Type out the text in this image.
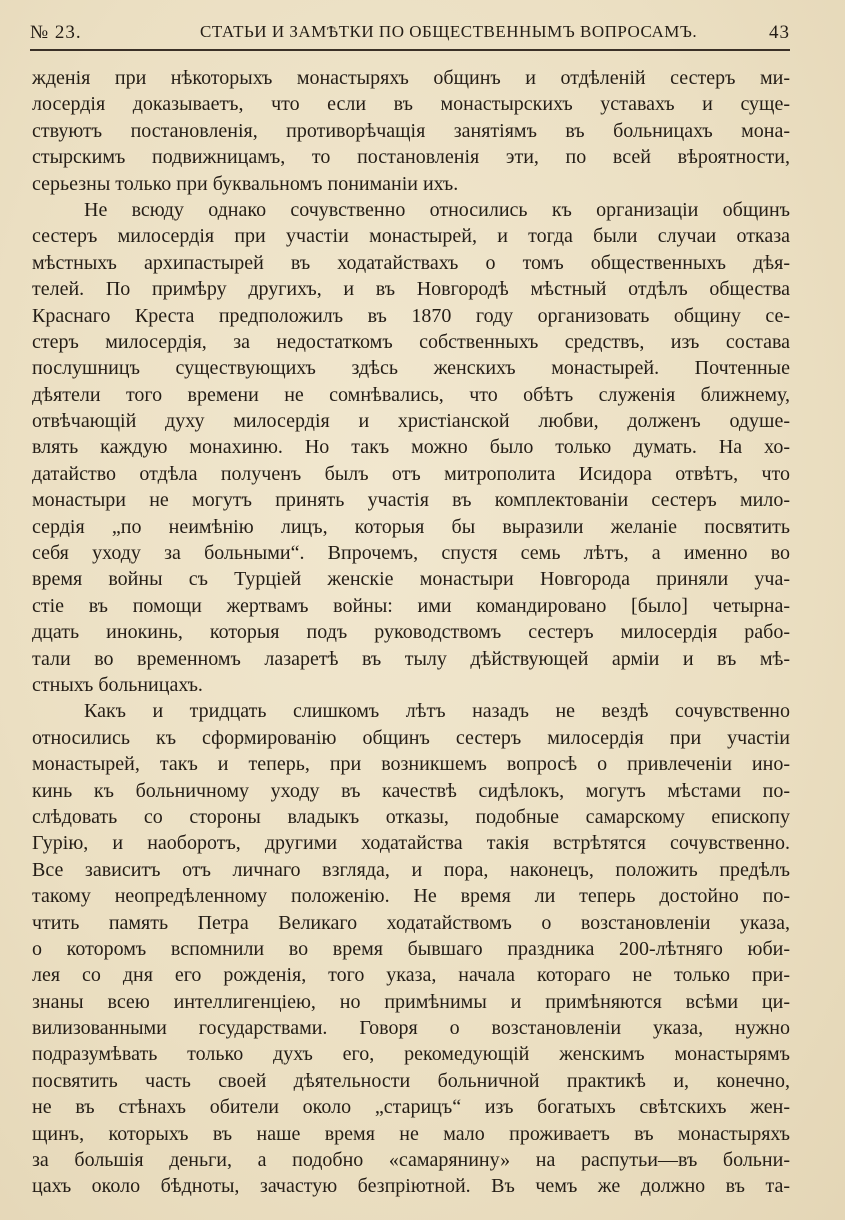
№ 23.	СТАТЬИ И ЗАМѢТКИ ПО ОБЩЕСТВЕННЫМЪ ВОПРОСАМЪ.	43
жденія при нѣкоторыхъ монастыряхъ общинъ и отдѣленій сестеръ ми-
лосердія доказываетъ, что если въ монастырскихъ уставахъ и суще-
ствуютъ постановленія, противорѣчащія занятіямъ въ больницахъ мона-
стырскимъ подвижницамъ, то постановленія эти, по всей вѣроятности,
серьезны только при буквальномъ пониманіи ихъ.
Не всюду однако сочувственно относились къ организаціи общинъ
сестеръ милосердія при участіи монастырей, и тогда были случаи отказа
мѣстныхъ архипастырей въ ходатайствахъ о томъ общественныхъ дѣя-
телей. По примѣру другихъ, и въ Новгородѣ мѣстный отдѣлъ общества
Краснаго Креста предположилъ въ 1870 году организовать общину се-
стеръ милосердія, за недостаткомъ собственныхъ средствъ, изъ состава
послушницъ существующихъ здѣсь женскихъ монастырей. Почтенные
дѣятели того времени не сомнѣвались, что обѣтъ служенія ближнему,
отвѣчающій духу милосердія и христіанской любви, долженъ одуше-
влять каждую монахиню. Но такъ можно было только думать. На хо-
датайство отдѣла полученъ былъ отъ митрополита Исидора отвѣтъ, что
монастыри не могутъ принять участія въ комплектованіи сестеръ мило-
сердія „по неимѣнію лицъ, которыя бы выразили желаніе посвятить
себя уходу за больными“. Впрочемъ, спустя семь лѣтъ, а именно во
время войны съ Турціей женскіе монастыри Новгорода приняли уча-
стіе въ помощи жертвамъ войны: ими командировано [было] четырна-
дцать инокинь, которыя подъ руководствомъ сестеръ милосердія рабо-
тали во временномъ лазаретѣ въ тылу дѣйствующей арміи и въ мѣ-
стныхъ больницахъ.
Какъ и тридцать слишкомъ лѣтъ назадъ не вездѣ сочувственно
относились къ сформированію общинъ сестеръ милосердія при участіи
монастырей, такъ и теперь, при возникшемъ вопросѣ о привлеченіи ино-
кинь къ больничному уходу въ качествѣ сидѣлокъ, могутъ мѣстами по-
слѣдовать со стороны владыкъ отказы, подобные самарскому епископу
Гурію, и наоборотъ, другими ходатайства такія встрѣтятся сочувственно.
Все зависитъ отъ личнаго взгляда, и пора, наконецъ, положить предѣлъ
такому неопредѣленному положенію. Не время ли теперь достойно по-
чтить память Петра Великаго ходатайствомъ о возстановленіи указа,
о которомъ вспомнили во время бывшаго праздника 200-лѣтняго юби-
лея со дня его рожденія, того указа, начала котораго не только при-
знаны всею интеллигенціею, но примѣнимы и примѣняются всѣми ци-
вилизованными государствами. Говоря о возстановленіи указа, нужно
подразумѣвать только духъ его, рекомедующій женскимъ монастырямъ
посвятить часть своей дѣятельности больничной практикѣ и, конечно,
не въ стѣнахъ обители около „старицъ“ изъ богатыхъ свѣтскихъ жен-
щинъ, которыхъ въ наше время не мало проживаетъ въ монастыряхъ
за большія деньги, а подобно «самарянину» на распутьи—въ больни-
цахъ около бѣдноты, зачастую безпріютной. Въ чемъ же должно въ та-
